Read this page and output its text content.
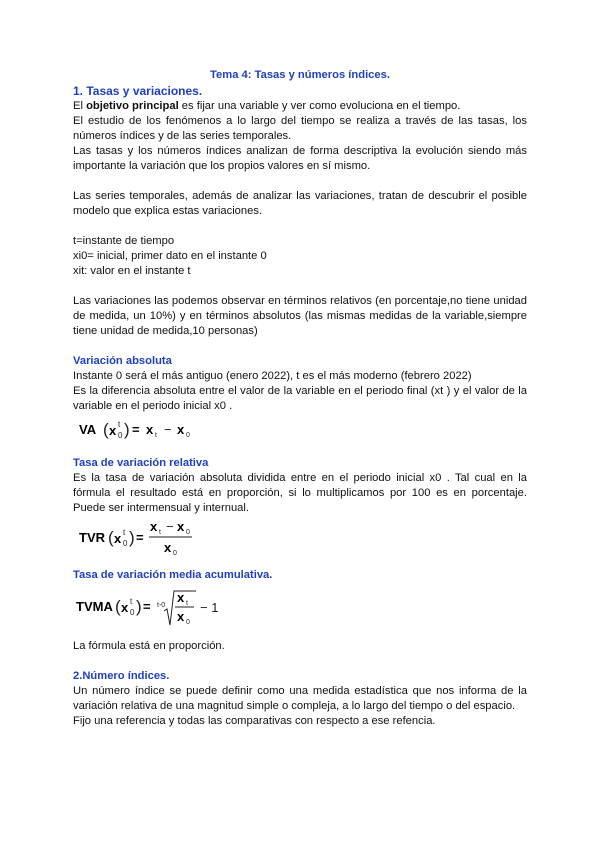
Tema 4: Tasas y números índices.
1. Tasas y variaciones.

El objetivo principal es fijar una variable y ver como evoluciona en el tiempo.

El estudio de los fenómenos a lo largo del tiempo se realiza a través de las tasas, los números índices y de las series temporales.

Las tasas y los números índices analizan de forma descriptiva la evolución siendo más importante la variación que los propios valores en sí mismo.

Las series temporales, además de analizar las variaciones, tratan de descubrir el posible modelo que explica estas variaciones.

t=instante de tiempo

xi0= inicial, primer dato en el instante 0

xit: valor en el instante t

Las variaciones las podemos observar en términos relativos (en porcentaje,no tiene unidad de medida, un 10%) y en términos absolutos (las mismas medidas de la variable,siempre tiene unidad de medida,10 personas)

Variación absoluta

Instante 0 será el más antiguo (enero 2022), t es el más moderno (febrero 2022)

Es la diferencia absoluta entre el valor de la variable en el periodo final (xt ) y el valor de la variable en el periodo inicial x0 .

VA ( x t
0 ) = x t − x 0
Tasa de variación relativa

Es la tasa de variación absoluta dividida entre en el periodo inicial x0 . Tal cual en la fórmula el resultado está en proporción, si lo multiplicamos por 100 es en porcentaje. Puede ser intermensual y internual.

TVR ( x t
0 ) =
x t − x 0
x 0
Tasa de variación media acumulativa.
TVMA ( x t
0 ) = t-0
x t
x 0
− 1

La fórmula está en proporción.

2.Número índices.

Un número índice se puede definir como una medida estadística que nos informa de la variación relativa de una magnitud simple o compleja, a lo largo del tiempo o del espacio.

Fijo una referencia y todas las comparativas con respecto a ese refencia.
